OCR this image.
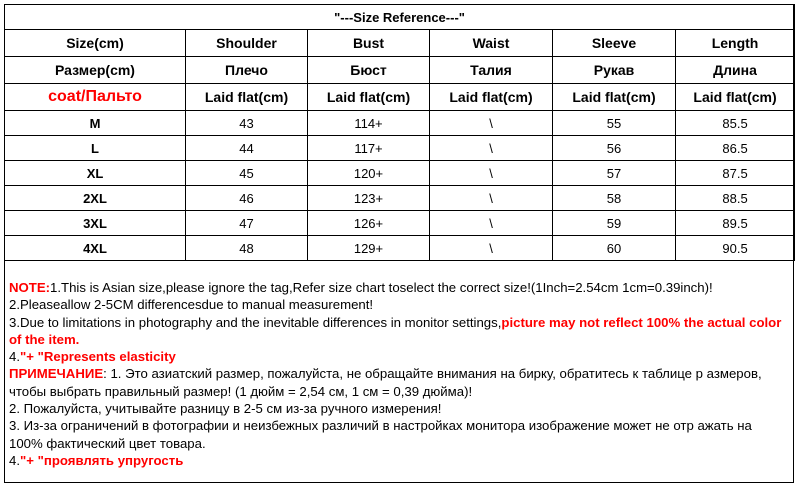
"---Size Reference---"					
Size(cm)	Shoulder	Bust	Waist	Sleeve	Length
Размер(cm)	Плечо	Бюст	Талия	Рукав	Длина
coat/Пальто	Laid flat(cm)	Laid flat(cm)	Laid flat(cm)	Laid flat(cm)	Laid flat(cm)
M	43	114+	\	55	85.5
L	44	117+	\	56	86.5
XL	45	120+	\	57	87.5
2XL	46	123+	\	58	88.5
3XL	47	126+	\	59	89.5
4XL	48	129+	\	60	90.5

NOTE:1.This is Asian size,please ignore the tag,Refer size chart toselect the correct size!(1Inch=2.54cm 1cm=0.39inch)!

2.Pleaseallow 2-5CM differencesdue to manual measurement!

3.Due to limitations in photography and the inevitable differences in monitor settings,picture may not reflect 100% the actual color of the item.

4."+ "Represents elasticity

ПРИМЕЧАНИЕ: 1. Это азиатский размер, пожалуйста, не обращайте внимания на бирку, обратитесь к таблице р азмеров, чтобы выбрать правильный размер! (1 дюйм = 2,54 см, 1 см = 0,39 дюйма)!

2. Пожалуйста, учитывайте разницу в 2-5 см из-за ручного измерения!

3. Из-за ограничений в фотографии и неизбежных различий в настройках монитора изображение может не отр ажать на 100% фактический цвет товара.

4."+ "проявлять упругость
